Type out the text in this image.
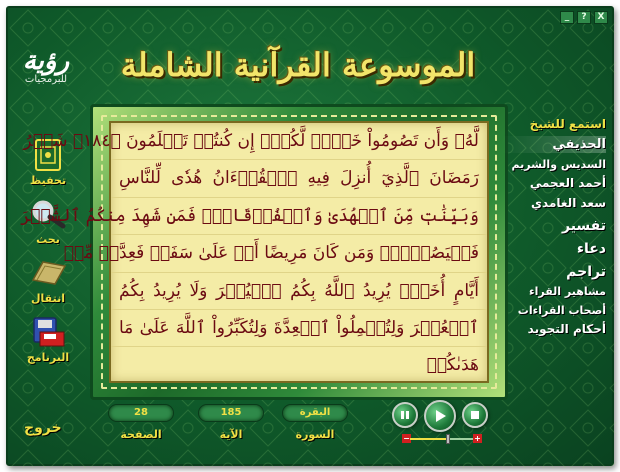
_	?	X
رؤية
للبرمجيات	الموسوعة القرآنية الشاملة
تحفيظ
بحث
انتقال
البرنامج
خروج
لَّهُۥ وَأَن تَصُومُواْ خَيۡرٞ لَّكُمۡۖ إِن كُنتُمۡ تَعۡلَمُونَ ﴿١٨٤﴾ شَهۡرُ
رَمَضَانَ ٱلَّذِيٓ أُنزِلَ فِيهِ ٱلۡقُرۡءَانُ هُدٗى لِّلنَّاسِ
وَبَيِّنَٰتٖ مِّنَ ٱلۡهُدَىٰ وَٱلۡفُرۡقَانِۚ فَمَن شَهِدَ مِنكُمُ ٱلشَّهۡرَ
فَلۡيَصُمۡهُۖ وَمَن كَانَ مَرِيضًا أَوۡ عَلَىٰ سَفَرٖ فَعِدَّةٞ مِّنۡ
أَيَّامٍ أُخَرَۗ يُرِيدُ ٱللَّهُ بِكُمُ ٱلۡيُسۡرَ وَلَا يُرِيدُ بِكُمُ
ٱلۡعُسۡرَ وَلِتُكۡمِلُواْ ٱلۡعِدَّةَ وَلِتُكَبِّرُواْ ٱللَّهَ عَلَىٰ مَا
هَدَىٰكُمۡ
استمع للشيخ
الحذيفي
السديس والشريم
أحمد العجمي
سعد الغامدي
تفسير
دعاء
تراجم
مشاهير القراء
أصحاب القراءات
أحكام التجويد
28
الصفحة
185
الآية
البقرة
السورة	−	+
